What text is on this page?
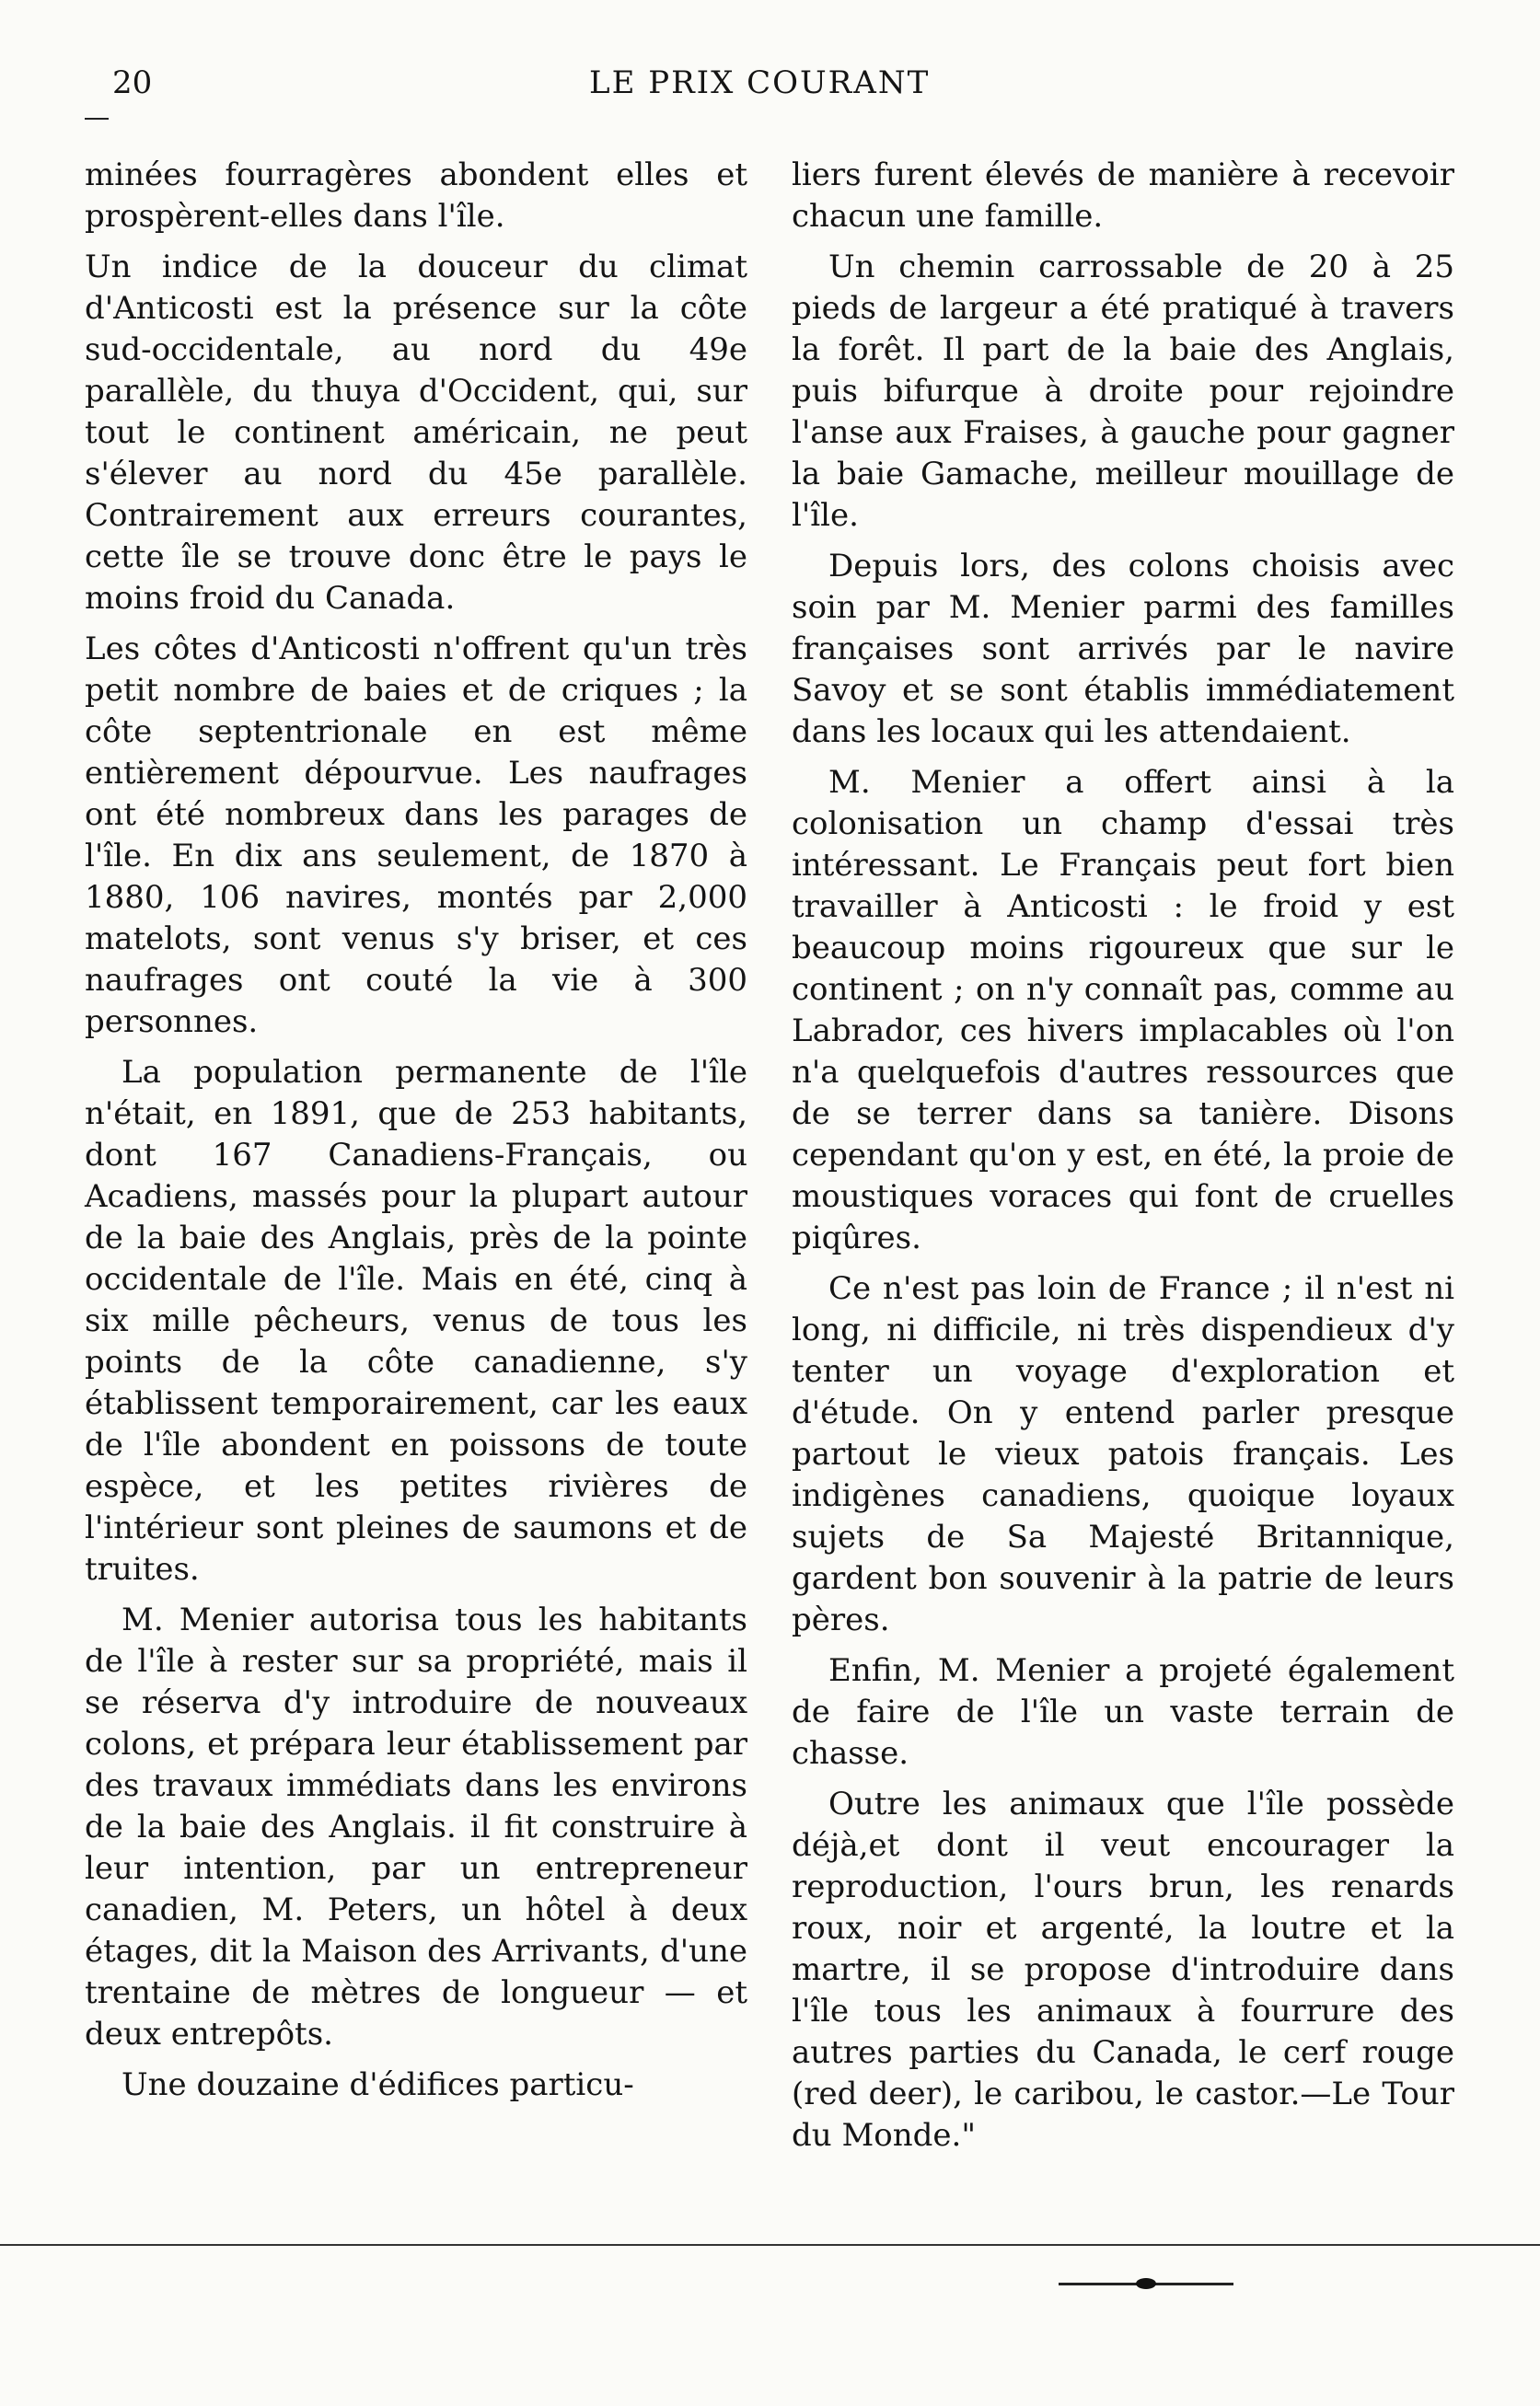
20	LE PRIX COURANT

minées fourragères abondent elles et prospèrent-elles dans l'île.

Un indice de la douceur du climat d'Anticosti est la présence sur la côte sud-occidentale, au nord du 49e parallèle, du thuya d'Occident, qui, sur tout le continent américain, ne peut s'élever au nord du 45e parallèle. Contrairement aux erreurs courantes, cette île se trouve donc être le pays le moins froid du Canada.

Les côtes d'Anticosti n'offrent qu'un très petit nombre de baies et de criques ; la côte septentrionale en est même entièrement dépourvue. Les naufrages ont été nombreux dans les parages de l'île. En dix ans seulement, de 1870 à 1880, 106 navires, montés par 2,000 matelots, sont venus s'y briser, et ces naufrages ont couté la vie à 300 personnes.

La population permanente de l'île n'était, en 1891, que de 253 habitants, dont 167 Canadiens-Français, ou Acadiens, massés pour la plupart autour de la baie des Anglais, près de la pointe occidentale de l'île. Mais en été, cinq à six mille pêcheurs, venus de tous les points de la côte canadienne, s'y établissent temporairement, car les eaux de l'île abondent en poissons de toute espèce, et les petites rivières de l'intérieur sont pleines de saumons et de truites.

M. Menier autorisa tous les habitants de l'île à rester sur sa propriété, mais il se réserva d'y introduire de nouveaux colons, et prépara leur établissement par des travaux immédiats dans les environs de la baie des Anglais. il fit construire à leur intention, par un entrepreneur canadien, M. Peters, un hôtel à deux étages, dit la Maison des Arrivants, d'une trentaine de mètres de longueur — et deux entrepôts.

Une douzaine d'édifices particu-

liers furent élevés de manière à recevoir chacun une famille.

Un chemin carrossable de 20 à 25 pieds de largeur a été pratiqué à travers la forêt. Il part de la baie des Anglais, puis bifurque à droite pour rejoindre l'anse aux Fraises, à gauche pour gagner la baie Gamache, meilleur mouillage de l'île.

Depuis lors, des colons choisis avec soin par M. Menier parmi des familles françaises sont arrivés par le navire Savoy et se sont établis immédiatement dans les locaux qui les attendaient.

M. Menier a offert ainsi à la colonisation un champ d'essai très intéressant. Le Français peut fort bien travailler à Anticosti : le froid y est beaucoup moins rigoureux que sur le continent ; on n'y connaît pas, comme au Labrador, ces hivers implacables où l'on n'a quelquefois d'autres ressources que de se terrer dans sa tanière. Disons cependant qu'on y est, en été, la proie de moustiques voraces qui font de cruelles piqûres.

Ce n'est pas loin de France ; il n'est ni long, ni difficile, ni très dispendieux d'y tenter un voyage d'exploration et d'étude. On y entend parler presque partout le vieux patois français. Les indigènes canadiens, quoique loyaux sujets de Sa Majesté Britannique, gardent bon souvenir à la patrie de leurs pères.

Enfin, M. Menier a projeté également de faire de l'île un vaste terrain de chasse.

Outre les animaux que l'île possède déjà,et dont il veut encourager la reproduction, l'ours brun, les renards roux, noir et argenté, la loutre et la martre, il se propose d'introduire dans l'île tous les animaux à fourrure des autres parties du Canada, le cerf rouge (red deer), le caribou, le castor.—Le Tour du Monde."
